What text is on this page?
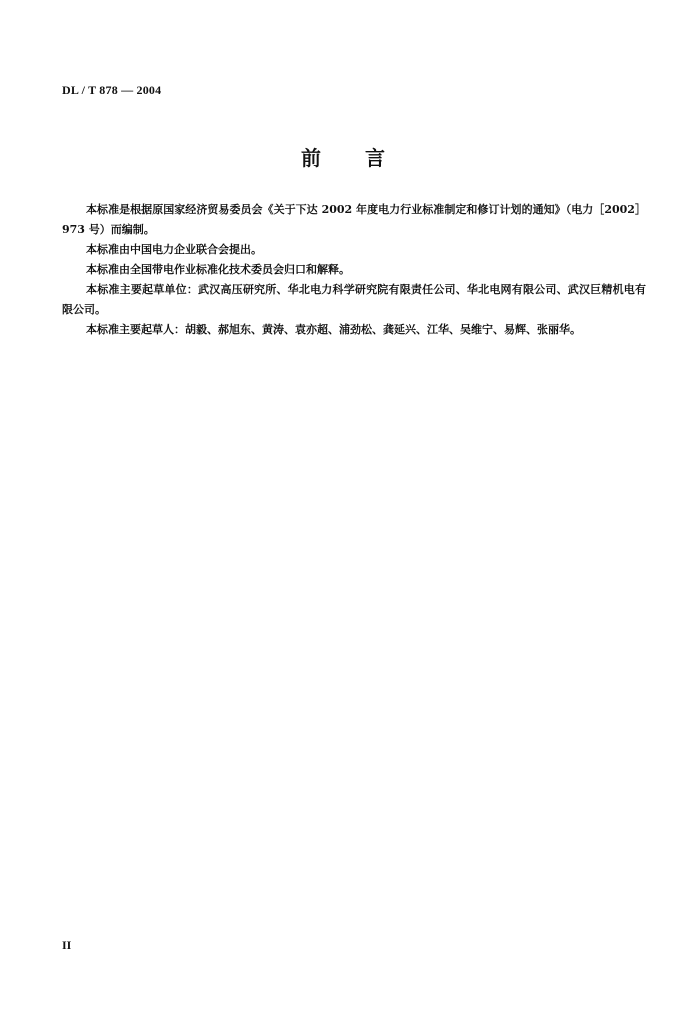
DL / T 878 — 2004
前 言

本标准是根据原国家经济贸易委员会《关于下达 2002 年度电力行业标准制定和修订计划的通知》（电力［2002］973 号）而编制。

本标准由中国电力企业联合会提出。

本标准由全国带电作业标准化技术委员会归口和解释。

本标准主要起草单位：武汉高压研究所、华北电力科学研究院有限责任公司、华北电网有限公司、武汉巨精机电有限公司。

本标准主要起草人：胡毅、郝旭东、黄涛、袁亦超、浦劲松、龚延兴、江华、吴维宁、易辉、张丽华。

II
